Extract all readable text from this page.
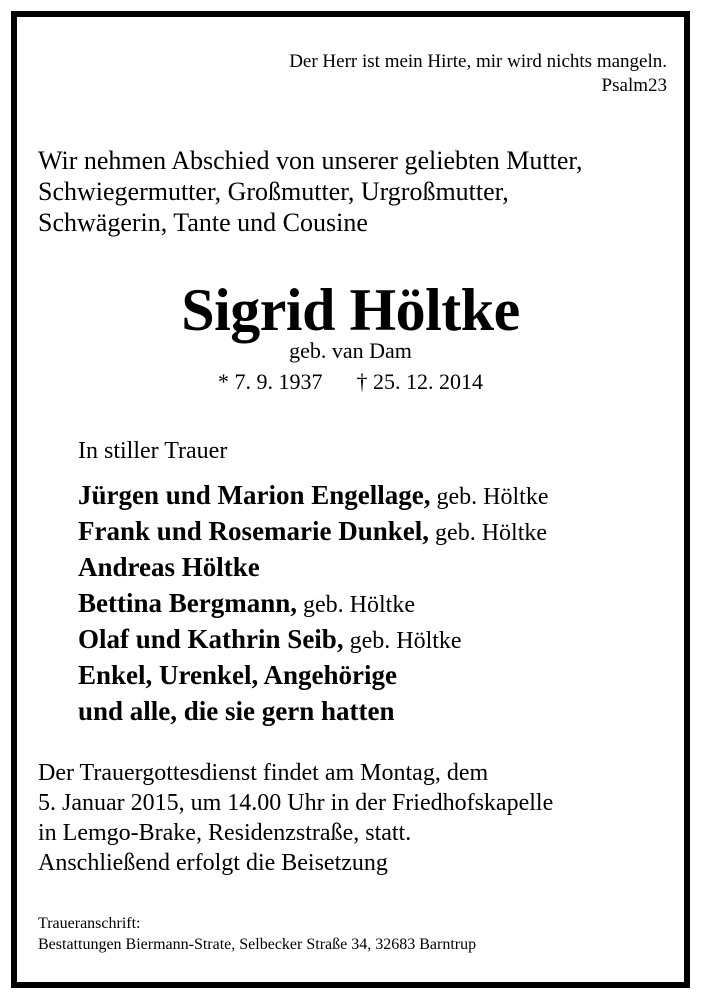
Der Herr ist mein Hirte, mir wird nichts mangeln.
Psalm23
Wir nehmen Abschied von unserer geliebten Mutter,
Schwiegermutter, Großmutter, Urgroßmutter,
Schwägerin, Tante und Cousine
Sigrid Höltke
geb. van Dam
* 7. 9. 1937 † 25. 12. 2014
In stiller Trauer
Jürgen und Marion Engellage, geb. Höltke
Frank und Rosemarie Dunkel, geb. Höltke
Andreas Höltke
Bettina Bergmann, geb. Höltke
Olaf und Kathrin Seib, geb. Höltke
Enkel, Urenkel, Angehörige
und alle, die sie gern hatten
Der Trauergottesdienst findet am Montag, dem
5. Januar 2015, um 14.00 Uhr in der Friedhofskapelle
in Lemgo-Brake, Residenzstraße, statt.
Anschließend erfolgt die Beisetzung
Traueranschrift:
Bestattungen Biermann-Strate, Selbecker Straße 34, 32683 Barntrup
